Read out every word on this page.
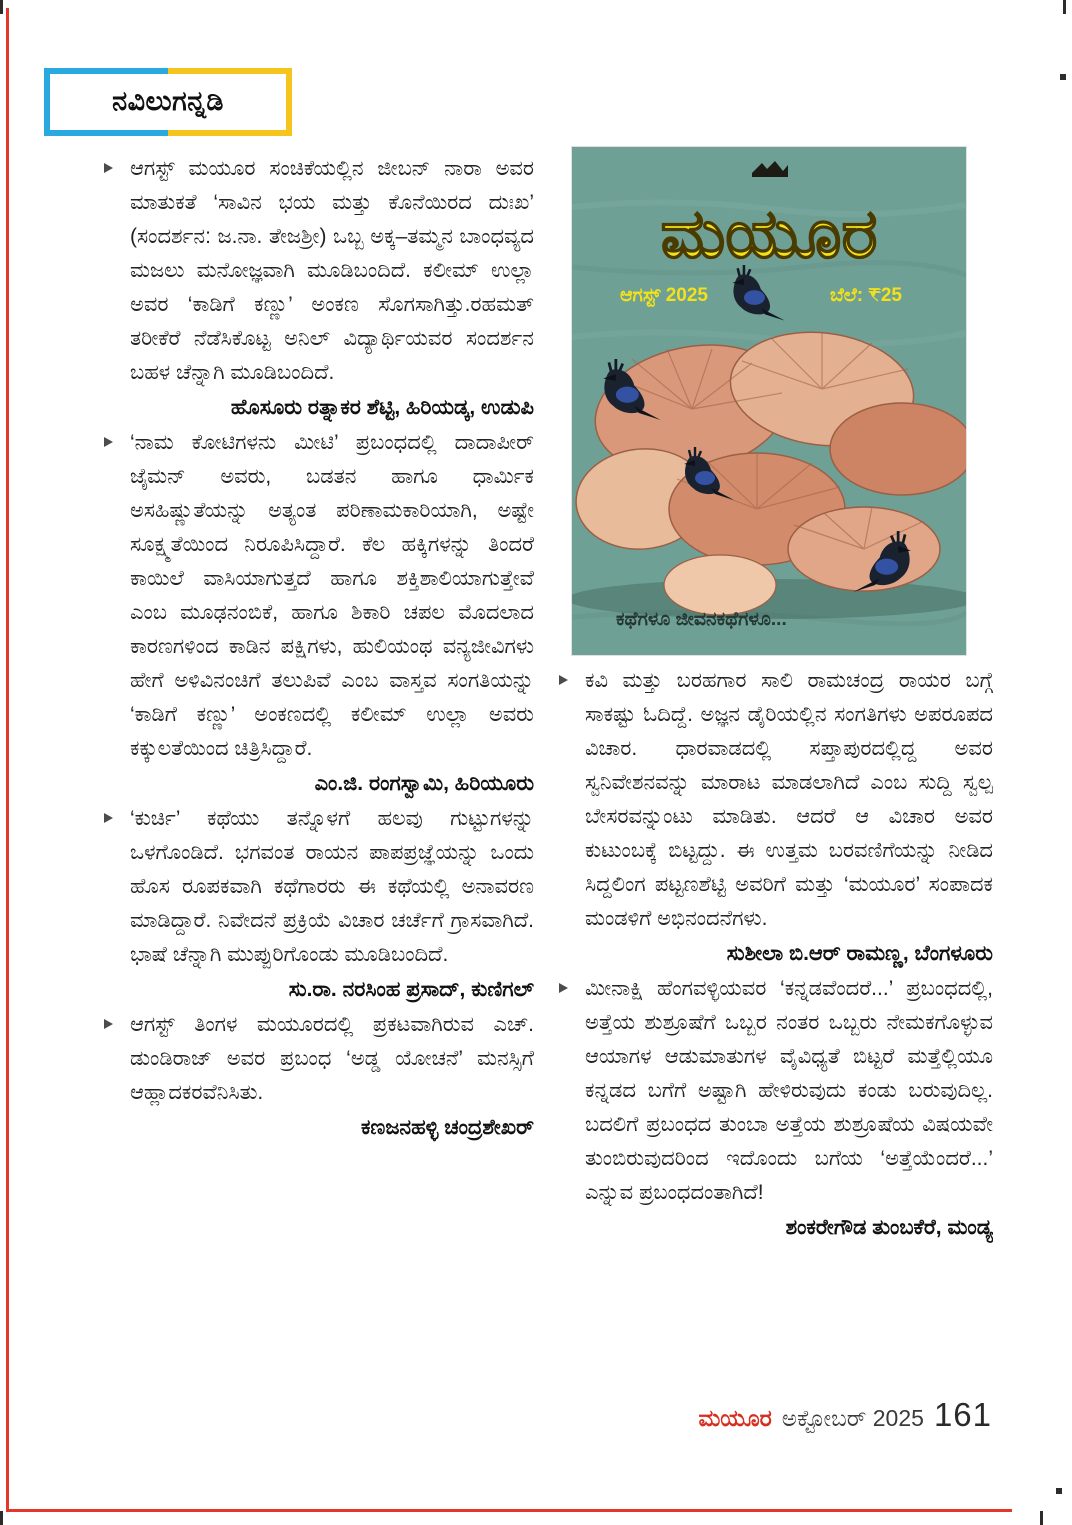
ನವಿಲುಗನ್ನಡಿ

ಆಗಸ್ಟ್ ಮಯೂರ ಸಂಚಿಕೆಯಲ್ಲಿನ ಜೀಬನ್ ನಾರಾ ಅವರ ಮಾತುಕತೆ ‘ಸಾವಿನ ಭಯ ಮತ್ತು ಕೊನೆಯಿರದ ದುಃಖ’ (ಸಂದರ್ಶನ: ಜ.ನಾ. ತೇಜಶ್ರೀ) ಒಬ್ಬ ಅಕ್ಕ–ತಮ್ಮನ ಬಾಂಧವ್ಯದ ಮಜಲು ಮನೋಜ್ಞವಾಗಿ ಮೂಡಿಬಂದಿದೆ. ಕಲೀಮ್ ಉಲ್ಲಾ ಅವರ ‘ಕಾಡಿಗೆ ಕಣ್ಣು’ ಅಂಕಣ ಸೊಗಸಾಗಿತ್ತು.ರಹಮತ್ ತರೀಕೆರೆ ನೆಡೆಸಿಕೊಟ್ಟ ಅನಿಲ್ ವಿದ್ಯಾರ್ಥಿಯವರ ಸಂದರ್ಶನ ಬಹಳ ಚೆನ್ನಾಗಿ ಮೂಡಿಬಂದಿದೆ.

ಹೊಸೂರು ರತ್ನಾಕರ ಶೆಟ್ಟಿ, ಹಿರಿಯಡ್ಕ, ಉಡುಪಿ

‘ನಾಮ ಕೋಟಿಗಳನು ಮೀಟಿ’ ಪ್ರಬಂಧದಲ್ಲಿ ದಾದಾಪೀರ್ ಜೈಮನ್ ಅವರು, ಬಡತನ ಹಾಗೂ ಧಾರ್ಮಿಕ ಅಸಹಿಷ್ಣುತೆಯನ್ನು ಅತ್ಯಂತ ಪರಿಣಾಮಕಾರಿಯಾಗಿ, ಅಷ್ಟೇ ಸೂಕ್ಷ್ಮತೆಯಿಂದ ನಿರೂಪಿಸಿದ್ದಾರೆ. ಕೆಲ ಹಕ್ಕಿಗಳನ್ನು ತಿಂದರೆ ಕಾಯಿಲೆ ವಾಸಿಯಾಗುತ್ತದೆ ಹಾಗೂ ಶಕ್ತಿಶಾಲಿಯಾಗುತ್ತೇವೆ ಎಂಬ ಮೂಢನಂಬಿಕೆ, ಹಾಗೂ ಶಿಕಾರಿ ಚಪಲ ಮೊದಲಾದ ಕಾರಣಗಳಿಂದ ಕಾಡಿನ ಪಕ್ಷಿಗಳು, ಹುಲಿಯಂಥ ವನ್ಯಜೀವಿಗಳು ಹೇಗೆ ಅಳಿವಿನಂಚಿಗೆ ತಲುಪಿವೆ ಎಂಬ ವಾಸ್ತವ ಸಂಗತಿಯನ್ನು ‘ಕಾಡಿಗೆ ಕಣ್ಣು’ ಅಂಕಣದಲ್ಲಿ ಕಲೀಮ್ ಉಲ್ಲಾ ಅವರು ಕಕ್ಕುಲತೆಯಿಂದ ಚಿತ್ರಿಸಿದ್ದಾರೆ.

ಎಂ.ಜಿ. ರಂಗಸ್ವಾಮಿ, ಹಿರಿಯೂರು

‘ಕುರ್ಚಿ’ ಕಥೆಯು ತನ್ನೊಳಗೆ ಹಲವು ಗುಟ್ಟುಗಳನ್ನು ಒಳಗೊಂಡಿದೆ. ಭಗವಂತ ರಾಯನ ಪಾಪಪ್ರಜ್ಞೆಯನ್ನು ಒಂದು ಹೊಸ ರೂಪಕವಾಗಿ ಕಥೆಗಾರರು ಈ ಕಥೆಯಲ್ಲಿ ಅನಾವರಣ ಮಾಡಿದ್ದಾರೆ. ನಿವೇದನೆ ಪ್ರಕ್ರಿಯೆ ವಿಚಾರ ಚರ್ಚೆಗೆ ಗ್ರಾಸವಾಗಿದೆ. ಭಾಷೆ ಚೆನ್ನಾಗಿ ಮುಪ್ಪುರಿಗೊಂಡು ಮೂಡಿಬಂದಿದೆ.

ಸು.ರಾ. ನರಸಿಂಹ ಪ್ರಸಾದ್, ಕುಣಿಗಲ್

ಆಗಸ್ಟ್ ತಿಂಗಳ ಮಯೂರದಲ್ಲಿ ಪ್ರಕಟವಾಗಿರುವ ಎಚ್. ಡುಂಡಿರಾಜ್ ಅವರ ಪ್ರಬಂಧ ‘ಅಡ್ಡ ಯೋಚನೆ’ ಮನಸ್ಸಿಗೆ ಆಹ್ಲಾದಕರವೆನಿಸಿತು.

ಕಣಜನಹಳ್ಳಿ ಚಂದ್ರಶೇಖರ್
ಮಯೂರ
ಆಗಸ್ಟ್ 2025	ಬೆಲೆ: ₹25
ಕಥೆಗಳೂ ಜೀವನಕಥೆಗಳೂ...

ಕವಿ ಮತ್ತು ಬರಹಗಾರ ಸಾಲಿ ರಾಮಚಂದ್ರ ರಾಯರ ಬಗ್ಗೆ ಸಾಕಷ್ಟು ಓದಿದ್ದೆ. ಅಜ್ಞನ ಡೈರಿಯಲ್ಲಿನ ಸಂಗತಿಗಳು ಅಪರೂಪದ ವಿಚಾರ. ಧಾರವಾಡದಲ್ಲಿ ಸಪ್ತಾಪುರದಲ್ಲಿದ್ದ ಅವರ ಸ್ವನಿವೇಶನವನ್ನು ಮಾರಾಟ ಮಾಡಲಾಗಿದೆ ಎಂಬ ಸುದ್ದಿ ಸ್ವಲ್ಪ ಬೇಸರವನ್ನುಂಟು ಮಾಡಿತು. ಆದರೆ ಆ ವಿಚಾರ ಅವರ ಕುಟುಂಬಕ್ಕೆ ಬಿಟ್ಟದ್ದು. ಈ ಉತ್ತಮ ಬರವಣಿಗೆಯನ್ನು ನೀಡಿದ ಸಿದ್ದಲಿಂಗ ಪಟ್ಟಣಶೆಟ್ಟಿ ಅವರಿಗೆ ಮತ್ತು ‘ಮಯೂರ’ ಸಂಪಾದಕ ಮಂಡಳಿಗೆ ಅಭಿನಂದನೆಗಳು.

ಸುಶೀಲಾ ಬಿ.ಆರ್ ರಾಮಣ್ಣ, ಬೆಂಗಳೂರು

ಮೀನಾಕ್ಷಿ ಹೆಂಗವಳ್ಳಿಯವರ ‘ಕನ್ನಡವೆಂದರೆ...’ ಪ್ರಬಂಧದಲ್ಲಿ, ಅತ್ತೆಯ ಶುಶ್ರೂಷೆಗೆ ಒಬ್ಬರ ನಂತರ ಒಬ್ಬರು ನೇಮಕಗೊಳ್ಳುವ ಆಯಾಗಳ ಆಡುಮಾತುಗಳ ವೈವಿಧ್ಯತೆ ಬಿಟ್ಟರೆ ಮತ್ತೆಲ್ಲಿಯೂ ಕನ್ನಡದ ಬಗೆಗೆ ಅಷ್ಟಾಗಿ ಹೇಳಿರುವುದು ಕಂಡು ಬರುವುದಿಲ್ಲ. ಬದಲಿಗೆ ಪ್ರಬಂಧದ ತುಂಬಾ ಅತ್ತೆಯ ಶುಶ್ರೂಷೆಯ ವಿಷಯವೇ ತುಂಬಿರುವುದರಿಂದ ಇದೊಂದು ಬಗೆಯ ‘ಅತ್ತೆಯೆಂದರೆ...’ ಎನ್ನುವ ಪ್ರಬಂಧದಂತಾಗಿದೆ!

ಶಂಕರೇಗೌಡ ತುಂಬಕೆರೆ, ಮಂಡ್ಯ
ಮಯೂರ ಅಕ್ಟೋಬರ್ 2025 161
